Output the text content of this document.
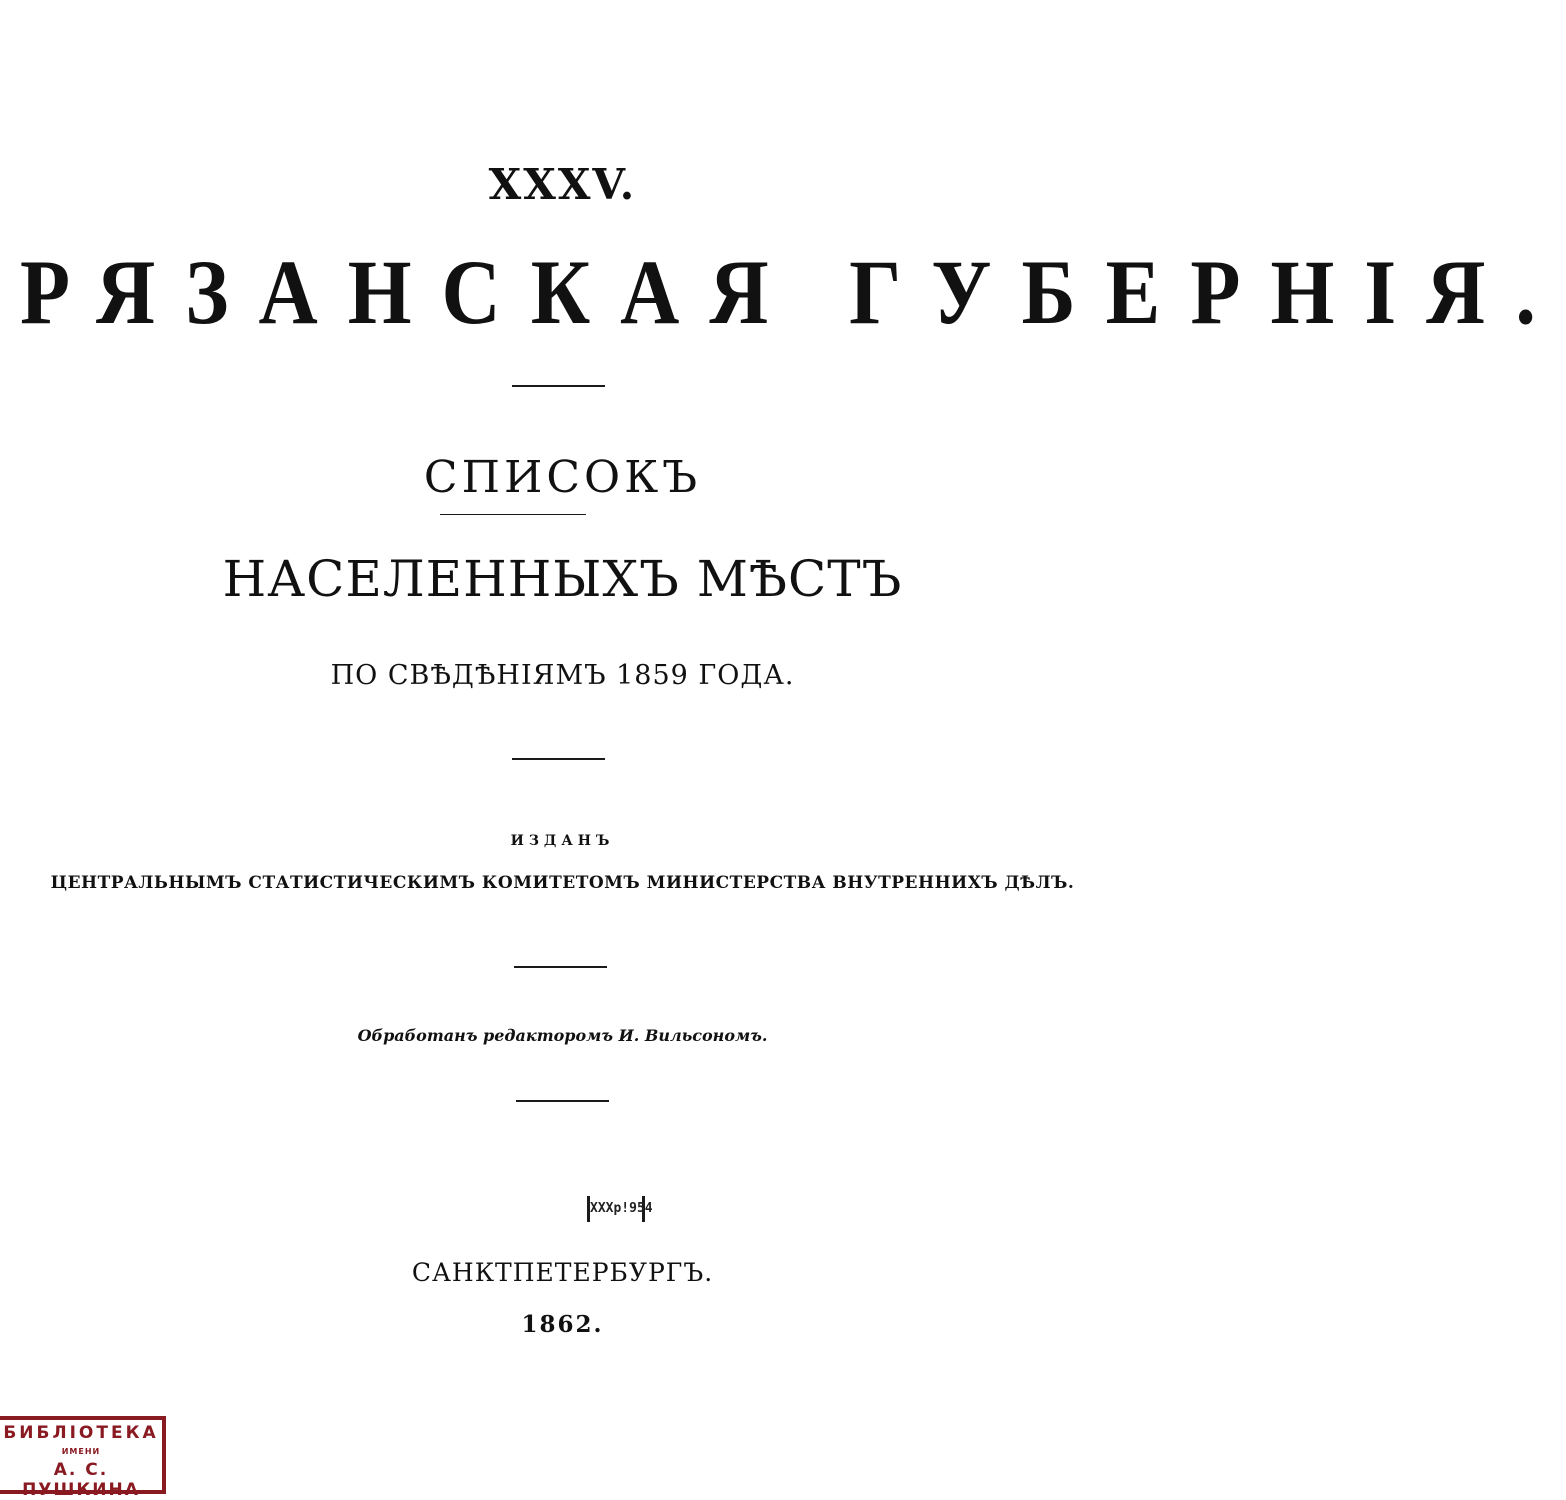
XXXV.
РЯЗАНСКАЯ ГУБЕРНІЯ.
СПИСОКЪ
НАСЕЛЕННЫХЪ МѢСТЪ
ПО СВѢДѢНІЯМЪ 1859 ГОДА.
ИЗДАНЪ
ЦЕНТРАЛЬНЫМЪ СТАТИСТИЧЕСКИМЪ КОМИТЕТОМЪ МИНИСТЕРСТВА ВНУТРЕННИХЪ ДѢЛЪ.
Обработанъ редакторомъ И. Вильсономъ.
ХХХр!954
САНКТПЕТЕРБУРГЪ.
1862.
БИБЛІОТЕКА
ИМЕНИ
А. С. ПУШКИНА
